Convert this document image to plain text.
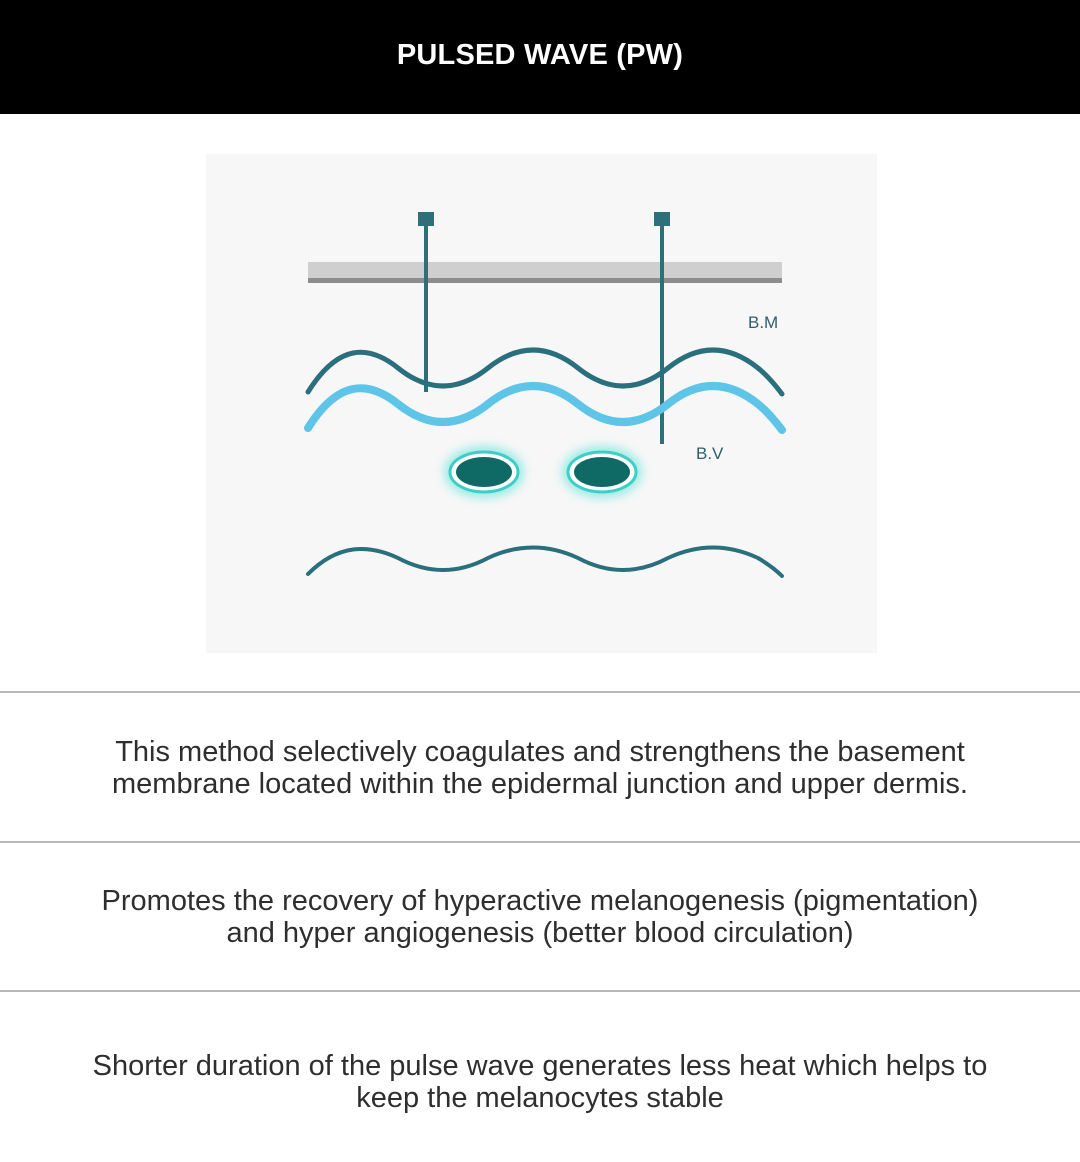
PULSED WAVE (PW)
B.M
B.V
This method selectively coagulates and strengthens the basement
membrane located within the epidermal junction and upper dermis.
Promotes the recovery of hyperactive melanogenesis (pigmentation)
and hyper angiogenesis (better blood circulation)
Shorter duration of the pulse wave generates less heat which helps to
keep the melanocytes stable
